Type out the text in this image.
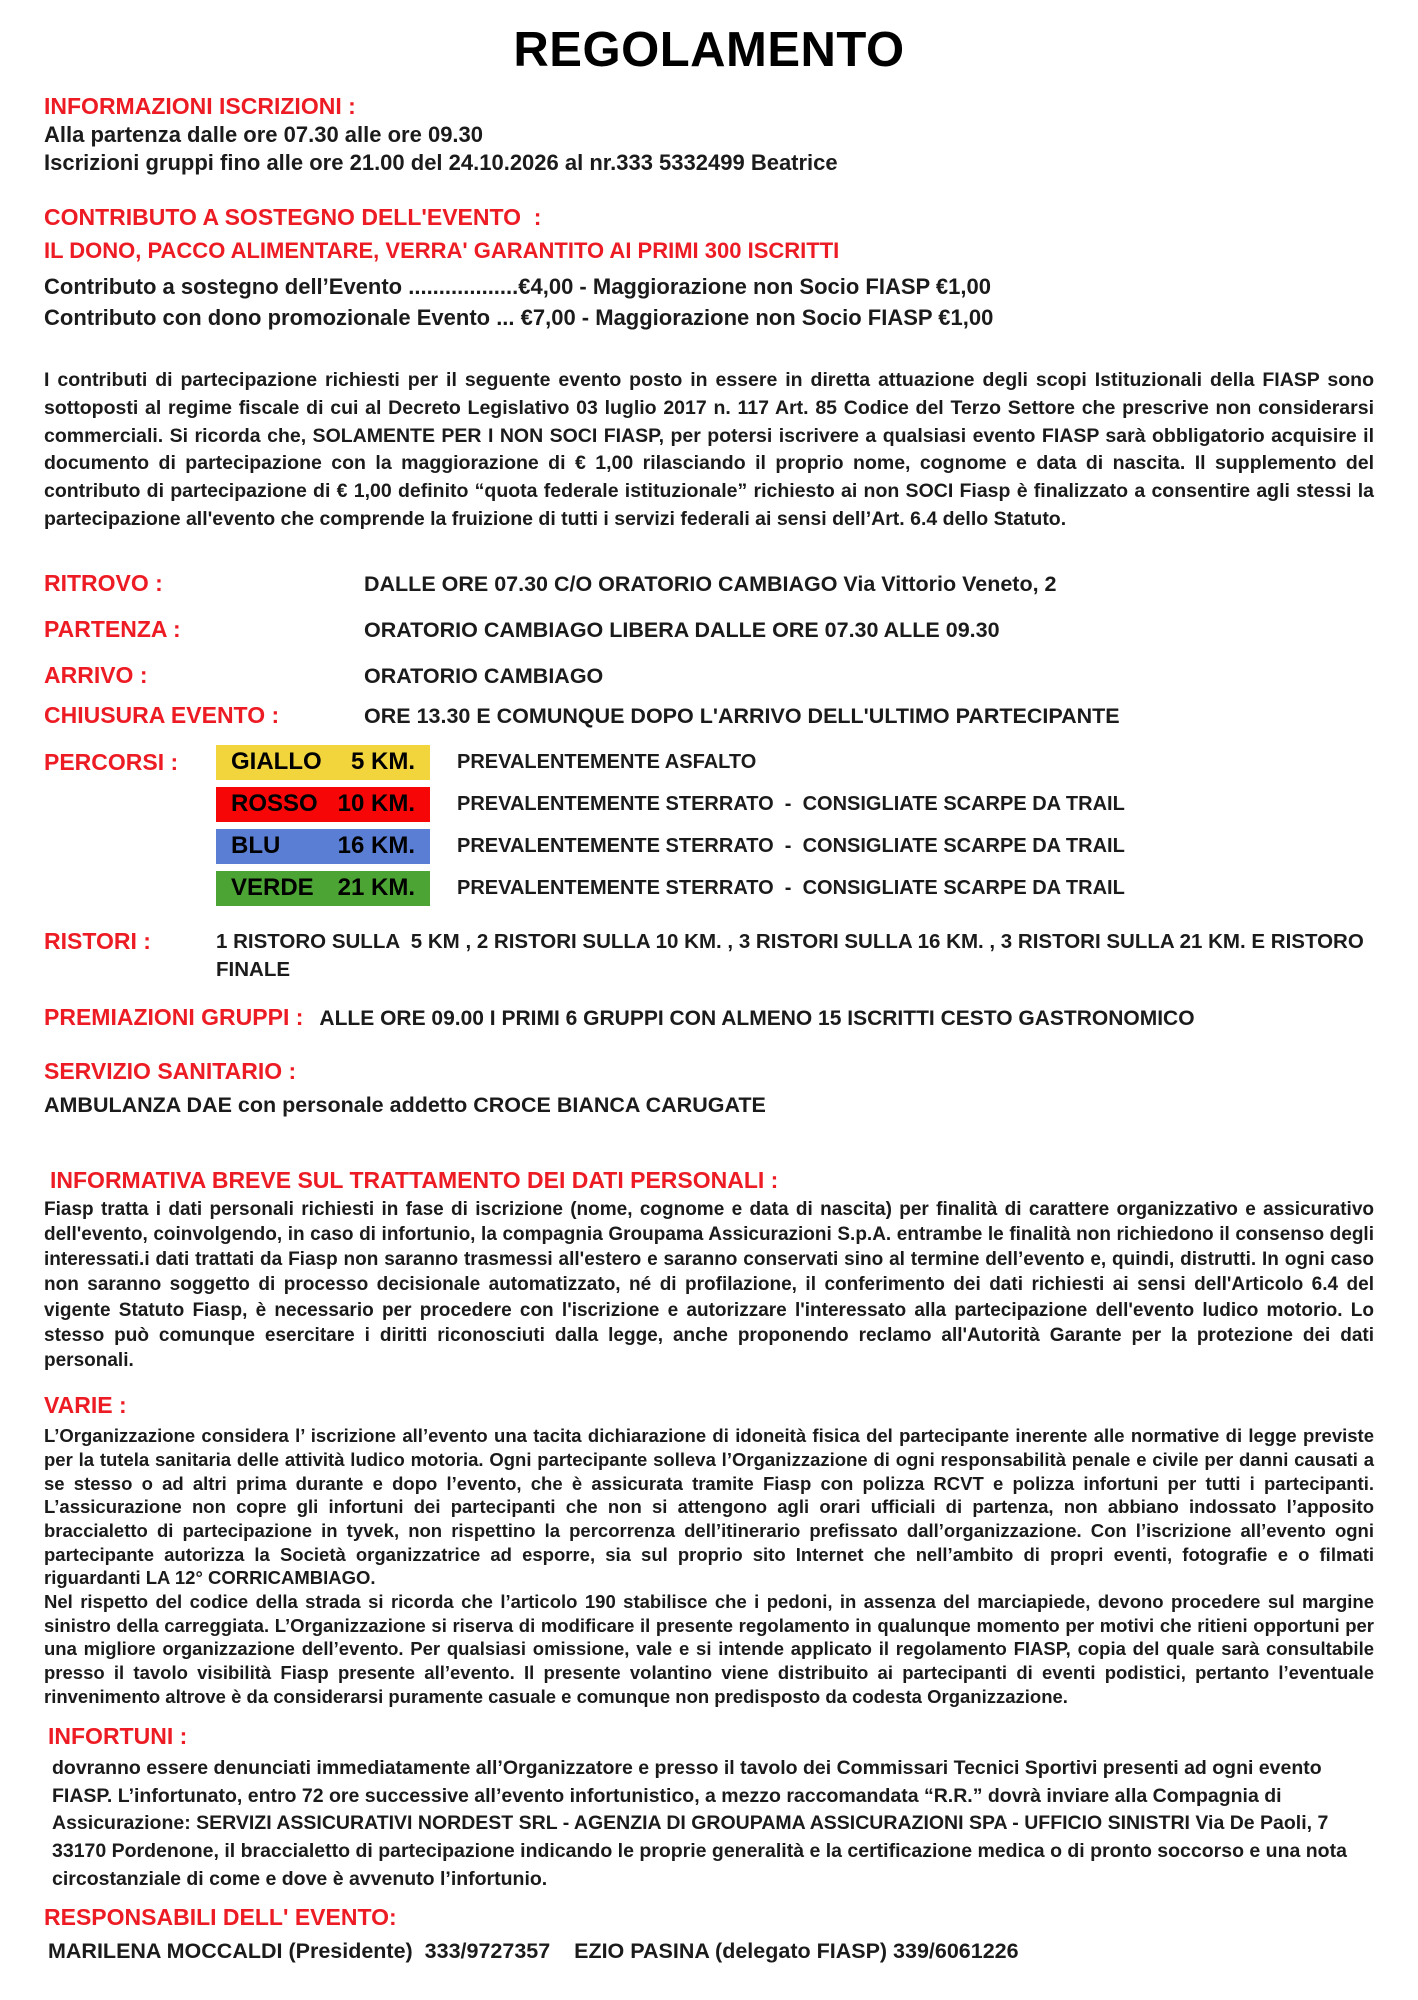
REGOLAMENTO
INFORMAZIONI ISCRIZIONI :
Alla partenza dalle ore 07.30 alle ore 09.30
Iscrizioni gruppi fino alle ore 21.00 del 24.10.2026 al nr.333 5332499 Beatrice
CONTRIBUTO A SOSTEGNO DELL'EVENTO  :
IL DONO, PACCO ALIMENTARE, VERRA' GARANTITO AI PRIMI 300 ISCRITTI
Contributo a sostegno dell’Evento ..................€4,00 - Maggiorazione non Socio FIASP €1,00
Contributo con dono promozionale Evento ... €7,00 - Maggiorazione non Socio FIASP €1,00

I contributi di partecipazione richiesti per il seguente evento posto in essere in diretta attuazione degli scopi Istituzionali della FIASP sono sottoposti al regime fiscale di cui al Decreto Legislativo 03 luglio 2017 n. 117 Art. 85 Codice del Terzo Settore che prescrive non considerarsi commerciali. Si ricorda che, SOLAMENTE PER I NON SOCI FIASP, per potersi iscrivere a qualsiasi evento FIASP sarà obbligatorio acquisire il documento di partecipazione con la maggiorazione di € 1,00 rilasciando il proprio nome, cognome e data di nascita. Il supplemento del contributo di partecipazione di € 1,00 definito “quota federale istituzionale” richiesto ai non SOCI Fiasp è finalizzato a consentire agli stessi la partecipazione all'evento che comprende la fruizione di tutti i servizi federali ai sensi dell’Art. 6.4 dello Statuto.

RITROVO :	DALLE ORE 07.30 C/O ORATORIO CAMBIAGO Via Vittorio Veneto, 2
PARTENZA :	ORATORIO CAMBIAGO LIBERA DALLE ORE 07.30 ALLE 09.30
ARRIVO :	ORATORIO CAMBIAGO
CHIUSURA EVENTO :	ORE 13.30 E COMUNQUE DOPO L'ARRIVO DELL'ULTIMO PARTECIPANTE
PERCORSI :	GIALLO 5 KM.	PREVALENTEMENTE ASFALTO
ROSSO 10 KM.	PREVALENTEMENTE STERRATO  -  CONSIGLIATE SCARPE DA TRAIL
BLU 16 KM.	PREVALENTEMENTE STERRATO  -  CONSIGLIATE SCARPE DA TRAIL
VERDE 21 KM.	PREVALENTEMENTE STERRATO  -  CONSIGLIATE SCARPE DA TRAIL
RISTORI :	1 RISTORO SULLA  5 KM , 2 RISTORI SULLA 10 KM. , 3 RISTORI SULLA 16 KM. , 3 RISTORI SULLA 21 KM. E RISTORO FINALE
PREMIAZIONI GRUPPI : ALLE ORE 09.00 I PRIMI 6 GRUPPI CON ALMENO 15 ISCRITTI CESTO GASTRONOMICO
SERVIZIO SANITARIO :
AMBULANZA DAE con personale addetto CROCE BIANCA CARUGATE
INFORMATIVA BREVE SUL TRATTAMENTO DEI DATI PERSONALI :

Fiasp tratta i dati personali richiesti in fase di iscrizione (nome, cognome e data di nascita) per finalità di carattere organizzativo e assicurativo dell'evento, coinvolgendo, in caso di infortunio, la compagnia Groupama Assicurazioni S.p.A. entrambe le finalità non richiedono il consenso degli interessati.i dati trattati da Fiasp non saranno trasmessi all'estero e saranno conservati sino al termine dell’evento e, quindi, distrutti. In ogni caso non saranno soggetto di processo decisionale automatizzato, né di profilazione, il conferimento dei dati richiesti ai sensi dell'Articolo 6.4 del vigente Statuto Fiasp, è necessario per procedere con l'iscrizione e autorizzare l'interessato alla partecipazione dell'evento ludico motorio. Lo stesso può comunque esercitare i diritti riconosciuti dalla legge, anche proponendo reclamo all'Autorità Garante per la protezione dei dati personali.

VARIE :

L’Organizzazione considera l’ iscrizione all’evento una tacita dichiarazione di idoneità fisica del partecipante inerente alle normative di legge previste per la tutela sanitaria delle attività ludico motoria. Ogni partecipante solleva l’Organizzazione di ogni responsabilità penale e civile per danni causati a se stesso o ad altri prima durante e dopo l’evento, che è assicurata tramite Fiasp con polizza RCVT e polizza infortuni per tutti i partecipanti. L’assicurazione non copre gli infortuni dei partecipanti che non si attengono agli orari ufficiali di partenza, non abbiano indossato l’apposito braccialetto di partecipazione in tyvek, non rispettino la percorrenza dell’itinerario prefissato dall’organizzazione. Con l’iscrizione all’evento ogni partecipante autorizza la Società organizzatrice ad esporre, sia sul proprio sito Internet che nell’ambito di propri eventi, fotografie e o filmati riguardanti LA 12° CORRICAMBIAGO.

Nel rispetto del codice della strada si ricorda che l’articolo 190 stabilisce che i pedoni, in assenza del marciapiede, devono procedere sul margine sinistro della carreggiata. L’Organizzazione si riserva di modificare il presente regolamento in qualunque momento per motivi che ritieni opportuni per una migliore organizzazione dell’evento. Per qualsiasi omissione, vale e si intende applicato il regolamento FIASP, copia del quale sarà consultabile presso il tavolo visibilità Fiasp presente all’evento. Il presente volantino viene distribuito ai partecipanti di eventi podistici, pertanto l’eventuale rinvenimento altrove è da considerarsi puramente casuale e comunque non predisposto da codesta Organizzazione.

INFORTUNI :

dovranno essere denunciati immediatamente all’Organizzatore e presso il tavolo dei Commissari Tecnici Sportivi presenti ad ogni evento FIASP. L’infortunato, entro 72 ore successive all’evento infortunistico, a mezzo raccomandata “R.R.” dovrà inviare alla Compagnia di Assicurazione: SERVIZI ASSICURATIVI NORDEST SRL - AGENZIA DI GROUPAMA ASSICURAZIONI SPA - UFFICIO SINISTRI Via De Paoli, 7 33170 Pordenone, il braccialetto di partecipazione indicando le proprie generalità e la certificazione medica o di pronto soccorso e una nota circostanziale di come e dove è avvenuto l’infortunio.

RESPONSABILI DELL' EVENTO:
MARILENA MOCCALDI (Presidente)  333/9727357    EZIO PASINA (delegato FIASP) 339/6061226
